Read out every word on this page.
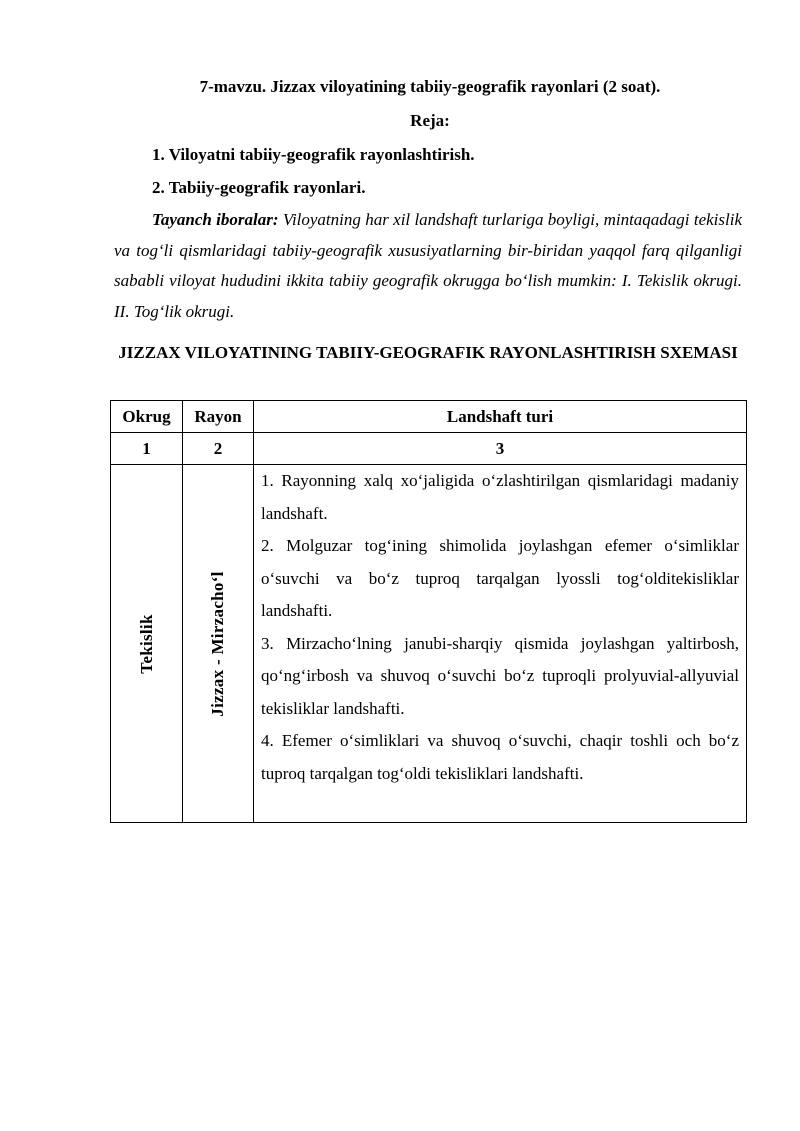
7-mavzu. Jizzax viloyatining tabiiy-geografik rayonlari (2 soat).
Reja:
1. Viloyatni tabiiy-geografik rayonlashtirish.
2. Tabiiy-geografik rayonlari.
Tayanch iboralar: Viloyatning har xil landshaft turlariga boyligi, mintaqadagi tekislik va tog‘li qismlaridagi tabiiy-geografik xususiyatlarning bir-biridan yaqqol farq qilganligi sababli viloyat hududini ikkita tabiiy geografik okrugga bo‘lish mumkin: I. Tekislik okrugi. II. Tog‘lik okrugi.
JIZZAX VILOYATINING TABIIY-GEOGRAFIK RAYONLASHTIRISH SXEMASI
Okrug	Rayon	Landshaft turi
1	2	3

Tekislik	Jizzax - Mirzacho‘l	1. Rayonning xalq xo‘jaligida o‘zlashtirilgan qismlaridagi madaniy landshaft.

2. Molguzar tog‘ining shimolida joylashgan efemer o‘simliklar o‘suvchi va bo‘z tuproq tarqalgan lyossli tog‘olditekisliklar landshafti.

3. Mirzacho‘lning janubi-sharqiy qismida joylashgan yaltirbosh, qo‘ng‘irbosh va shuvoq o‘suvchi bo‘z tuproqli prolyuvial-allyuvial tekisliklar landshafti.

4. Efemer o‘simliklari va shuvoq o‘suvchi, chaqir toshli och bo‘z tuproq tarqalgan tog‘oldi tekisliklari landshafti.
